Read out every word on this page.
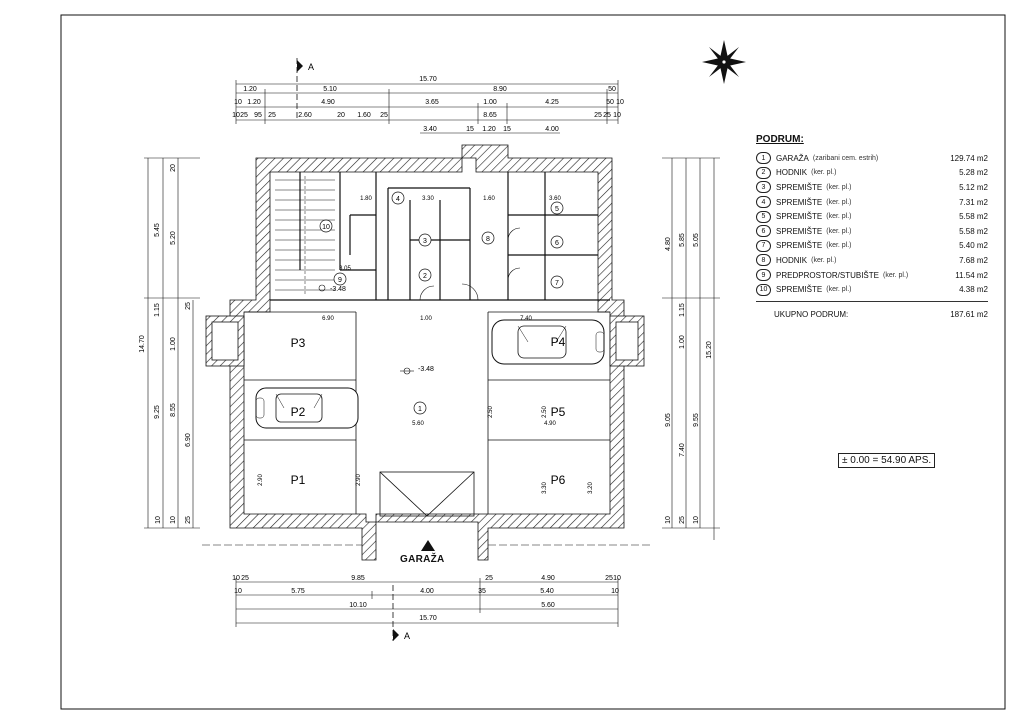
A
A
15.70
1.20	5.10	8.90	50
10 1.20	4.90	3.65	1.00	4.25	50 10
10 25 95 25	2.60	20 1.60 25	8.65	25 25 10
3.40	15 1.20 15	4.00
5.45
5.20
1.15
14.70	1.00
9.25 8.55
6.90
25
20
10
10	25
4.80 5.85 5.05
1.15
1.00	15.20
9.05	9.55
7.40
10 25 10
10 25	9.85	25	4.90	25 10
10	5.75	4.00	35	5.40	10
10.10	5.60
15.70
P1
P2
P3	P4
P5
P6
1
2
3
4
5
6
7
8
9
10
-3.48
-3.48
6.90	1.00	7.40
5.60	4.90
2.90	2.90
3.30	3.20
2.50
2.50
3.05
1.80	3.30	1.60	3.60
PODRUM:
1	GARAŽA (zaribani cem. estrih)	129.74 m2
2	HODNIK (ker. pl.)	5.28 m2
3	SPREMIŠTE (ker. pl.)	5.12 m2
4	SPREMIŠTE (ker. pl.)	7.31 m2
5	SPREMIŠTE (ker. pl.)	5.58 m2
6	SPREMIŠTE (ker. pl.)	5.58 m2
7	SPREMIŠTE (ker. pl.)	5.40 m2
8	HODNIK (ker. pl.)	7.68 m2
9	PREDPROSTOR/STUBIŠTE (ker. pl.)	11.54 m2
10	SPREMIŠTE (ker. pl.)	4.38 m2
UKUPNO PODRUM:	187.61 m2
± 0.00 = 54.90 APS.
GARAŽA
